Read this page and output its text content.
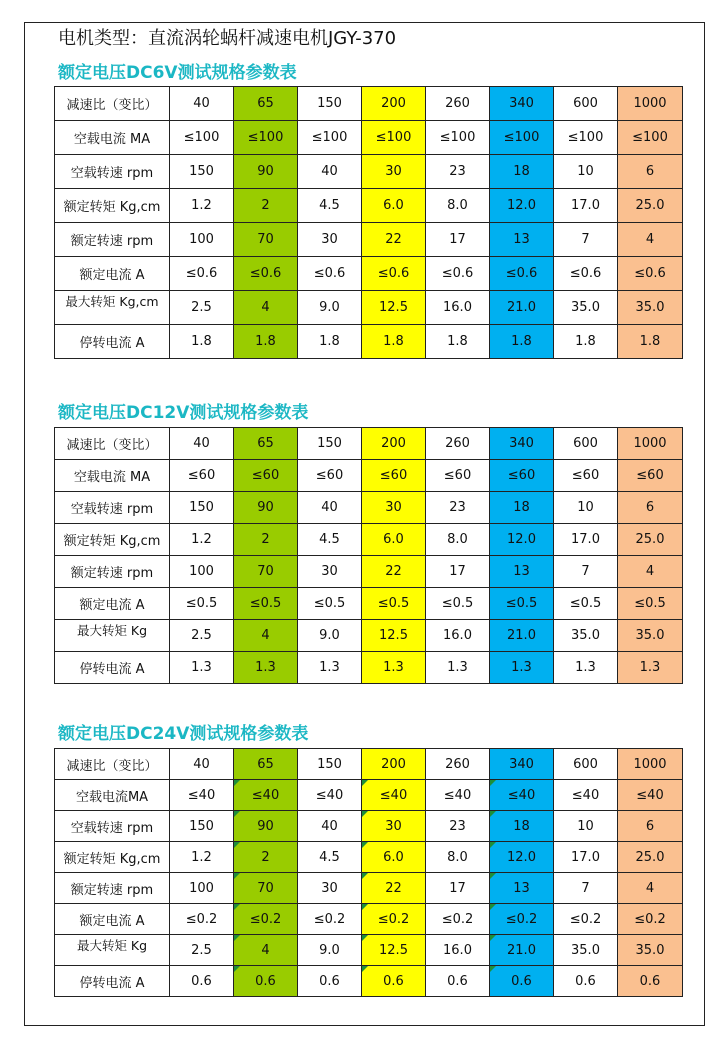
电机类型：直流涡轮蜗杆减速电机JGY-370
额定电压DC6V测试规格参数表
减速比（变比）	40	65	150	200	260	340	600	1000
空载电流 MA	≤100	≤100	≤100	≤100	≤100	≤100	≤100	≤100
空载转速 rpm	150	90	40	30	23	18	10	6
额定转矩 Kg,cm	1.2	2	4.5	6.0	8.0	12.0	17.0	25.0
额定转速 rpm	100	70	30	22	17	13	7	4
额定电流 A	≤0.6	≤0.6	≤0.6	≤0.6	≤0.6	≤0.6	≤0.6	≤0.6
最大转矩 Kg,cm	2.5	4	9.0	12.5	16.0	21.0	35.0	35.0
停转电流 A	1.8	1.8	1.8	1.8	1.8	1.8	1.8	1.8
额定电压DC12V测试规格参数表
减速比（变比）	40	65	150	200	260	340	600	1000
空载电流 MA	≤60	≤60	≤60	≤60	≤60	≤60	≤60	≤60
空载转速 rpm	150	90	40	30	23	18	10	6
额定转矩 Kg,cm	1.2	2	4.5	6.0	8.0	12.0	17.0	25.0
额定转速 rpm	100	70	30	22	17	13	7	4
额定电流 A	≤0.5	≤0.5	≤0.5	≤0.5	≤0.5	≤0.5	≤0.5	≤0.5
最大转矩 Kg	2.5	4	9.0	12.5	16.0	21.0	35.0	35.0
停转电流 A	1.3	1.3	1.3	1.3	1.3	1.3	1.3	1.3
额定电压DC24V测试规格参数表
减速比（变比）	40	65	150	200	260	340	600	1000
空载电流MA	≤40	≤40	≤40	≤40	≤40	≤40	≤40	≤40
空载转速 rpm	150	90	40	30	23	18	10	6
额定转矩 Kg,cm	1.2	2	4.5	6.0	8.0	12.0	17.0	25.0
额定转速 rpm	100	70	30	22	17	13	7	4
额定电流 A	≤0.2	≤0.2	≤0.2	≤0.2	≤0.2	≤0.2	≤0.2	≤0.2
最大转矩 Kg	2.5	4	9.0	12.5	16.0	21.0	35.0	35.0
停转电流 A	0.6	0.6	0.6	0.6	0.6	0.6	0.6	0.6
